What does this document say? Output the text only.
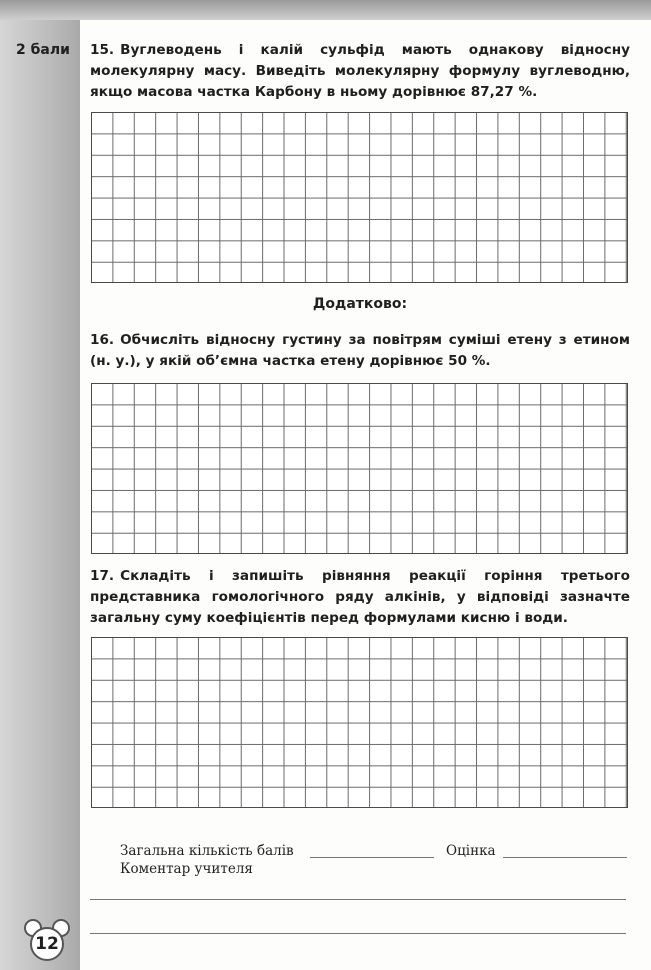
2 бали 15. Вуглеводень і калій сульфід мають однакову відносну молекулярну масу. Виведіть молекулярну формулу вуглеводню, якщо масова частка Карбону в ньому дорівнює 87,27 %.
Додатково:
16. Обчисліть відносну густину за повітрям суміші етену з етином (н. у.), у якій об’ємна частка етену дорівнює 50 %.
17. Складіть і запишіть рівняння реакції горіння третього представника гомологічного ряду алкінів, у відповіді зазначте загальну суму коефіцієнтів перед формулами кисню і води.
Загальна кількість балів	Оцінка
Коментар учителя
12
